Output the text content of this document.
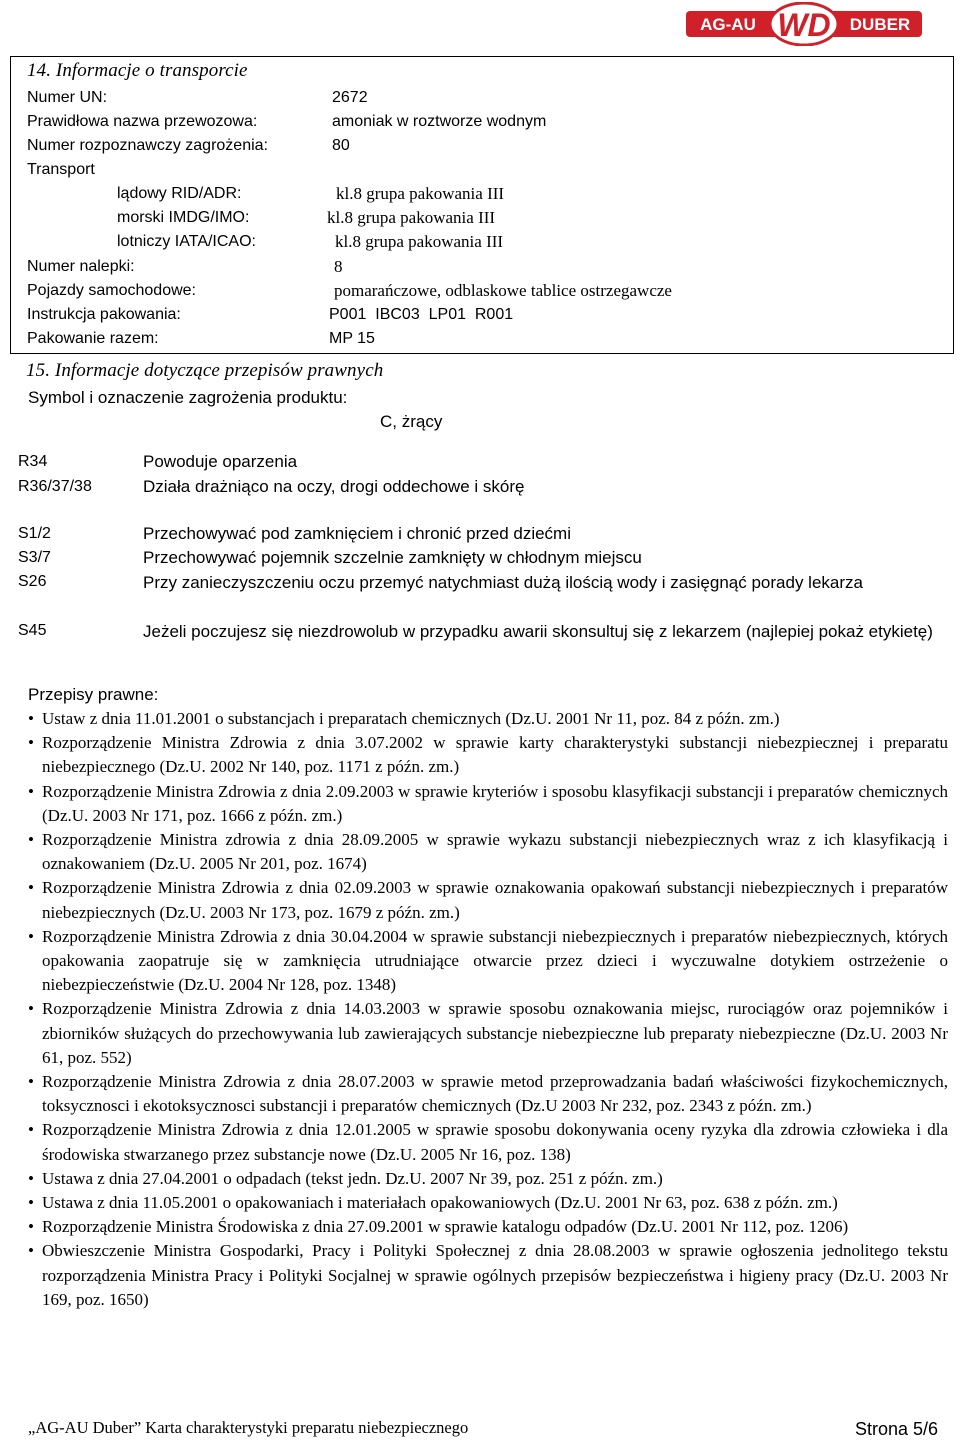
AG-AU WD DUBER
14. Informacje o transporcie
Numer UN:	2672
Prawidłowa nazwa przewozowa:	amoniak w roztworze wodnym
Numer rozpoznawczy zagrożenia:	80
Transport
lądowy RID/ADR:	kl.8 grupa pakowania III
morski IMDG/IMO:	kl.8 grupa pakowania III
lotniczy IATA/ICAO:	kl.8 grupa pakowania III
Numer nalepki:	8
Pojazdy samochodowe:	pomarańczowe, odblaskowe tablice ostrzegawcze
Instrukcja pakowania:	P001  IBC03  LP01  R001
Pakowanie razem:	MP 15
15. Informacje dotyczące przepisów prawnych
Symbol i oznaczenie zagrożenia produktu:
C, żrący
R34	Powoduje oparzenia
R36/37/38	Działa drażniąco na oczy, drogi oddechowe i skórę
S1/2	Przechowywać pod zamknięciem i chronić przed dziećmi
S3/7	Przechowywać pojemnik szczelnie zamknięty w chłodnym miejscu
S26	Przy zanieczyszczeniu oczu przemyć natychmiast dużą ilością wody i zasięgnąć porady lekarza
S45	Jeżeli poczujesz się niezdrowolub w przypadku awarii skonsultuj się z lekarzem (najlepiej pokaż etykietę)
Przepisy prawne:
• Ustaw z dnia 11.01.2001 o substancjach i preparatach chemicznych (Dz.U. 2001 Nr 11, poz. 84 z późn. zm.)
• Rozporządzenie Ministra Zdrowia z dnia 3.07.2002 w sprawie karty charakterystyki substancji niebezpiecznej i preparatu niebezpiecznego (Dz.U. 2002 Nr 140, poz. 1171 z późn. zm.)
• Rozporządzenie Ministra Zdrowia z dnia 2.09.2003 w sprawie kryteriów i sposobu klasyfikacji substancji i preparatów chemicznych (Dz.U. 2003 Nr 171, poz. 1666 z późn. zm.)
• Rozporządzenie Ministra zdrowia z dnia 28.09.2005 w sprawie wykazu substancji niebezpiecznych wraz z ich klasyfikacją i oznakowaniem (Dz.U. 2005 Nr 201, poz. 1674)
• Rozporządzenie Ministra Zdrowia z dnia 02.09.2003 w sprawie oznakowania opakowań substancji niebezpiecznych i preparatów niebezpiecznych (Dz.U. 2003 Nr 173, poz. 1679 z późn. zm.)
• Rozporządzenie Ministra Zdrowia z dnia 30.04.2004 w sprawie substancji niebezpiecznych i preparatów niebezpiecznych, których opakowania zaopatruje się w zamknięcia utrudniające otwarcie przez dzieci i wyczuwalne dotykiem ostrzeżenie o niebezpieczeństwie (Dz.U. 2004 Nr 128, poz. 1348)
• Rozporządzenie Ministra Zdrowia z dnia 14.03.2003 w sprawie sposobu oznakowania miejsc, rurociągów oraz pojemników i zbiorników służących do przechowywania lub zawierających substancje niebezpieczne lub preparaty niebezpieczne (Dz.U. 2003 Nr 61, poz. 552)
• Rozporządzenie Ministra Zdrowia z dnia 28.07.2003 w sprawie metod przeprowadzania badań właściwości fizykochemicznych, toksycznosci i ekotoksycznosci substancji i preparatów chemicznych (Dz.U 2003 Nr 232, poz. 2343 z późn. zm.)
• Rozporządzenie Ministra Zdrowia z dnia 12.01.2005 w sprawie sposobu dokonywania oceny ryzyka dla zdrowia człowieka i dla środowiska stwarzanego przez substancje nowe (Dz.U. 2005 Nr 16, poz. 138)
• Ustawa z dnia 27.04.2001 o odpadach (tekst jedn. Dz.U. 2007 Nr 39, poz. 251 z późn. zm.)
• Ustawa z dnia 11.05.2001 o opakowaniach i materiałach opakowaniowych (Dz.U. 2001 Nr 63, poz. 638 z późn. zm.)
• Rozporządzenie Ministra Środowiska z dnia 27.09.2001 w sprawie katalogu odpadów (Dz.U. 2001 Nr 112, poz. 1206)
• Obwieszczenie Ministra Gospodarki, Pracy i Polityki Społecznej z dnia 28.08.2003 w sprawie ogłoszenia jednolitego tekstu rozporządzenia Ministra Pracy i Polityki Socjalnej w sprawie ogólnych przepisów bezpieczeństwa i higieny pracy (Dz.U. 2003 Nr 169, poz. 1650)
„AG-AU Duber” Karta charakterystyki preparatu niebezpiecznego	Strona 5/6
